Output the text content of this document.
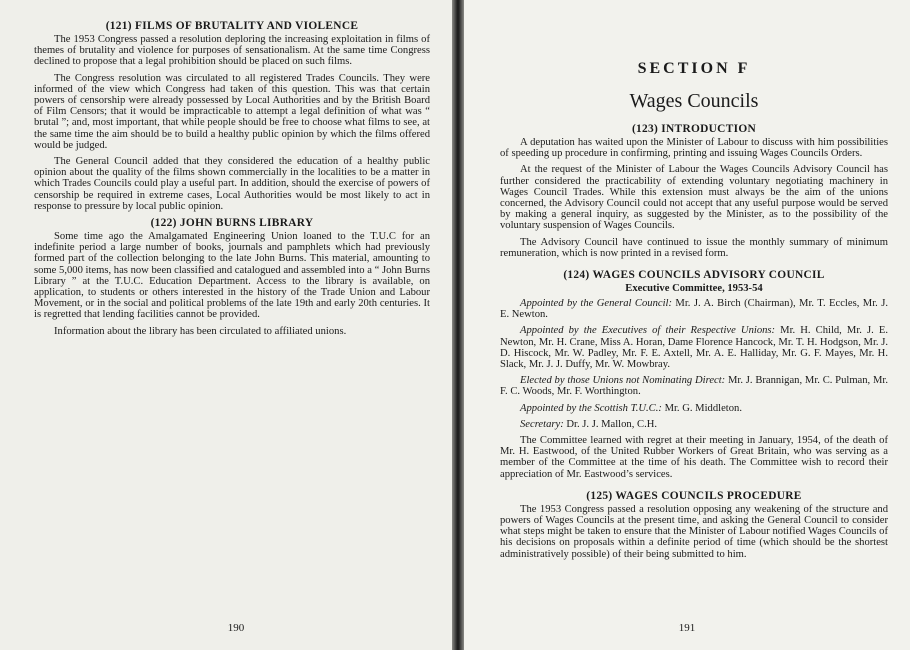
(121) FILMS OF BRUTALITY AND VIOLENCE

The 1953 Congress passed a resolution deploring the increasing exploitation in films of themes of brutality and violence for purposes of sensationalism. At the same time Congress declined to propose that a legal prohibition should be placed on such films.

The Congress resolution was circulated to all registered Trades Councils. They were informed of the view which Congress had taken of this question. This was that certain powers of censorship were already possessed by Local Authorities and by the British Board of Film Censors; that it would be impracticable to attempt a legal definition of what was “ brutal ”; and, most important, that while people should be free to choose what films to see, at the same time the aim should be to build a healthy public opinion by which the films offered would be judged.

The General Council added that they considered the education of a healthy public opinion about the quality of the films shown commercially in the localities to be a matter in which Trades Councils could play a useful part. In addition, should the exercise of powers of censorship be required in extreme cases, Local Authorities would be most likely to act in response to pressure by local public opinion.

(122) JOHN BURNS LIBRARY

Some time ago the Amalgamated Engineering Union loaned to the T.U.C for an indefinite period a large number of books, journals and pamphlets which had previously formed part of the collection belonging to the late John Burns. This material, amounting to some 5,000 items, has now been classified and catalogued and assembled into a “ John Burns Library ” at the T.U.C. Education Department. Access to the library is available, on application, to students or others interested in the history of the Trade Union and Labour Movement, or in the social and political problems of the late 19th and early 20th centuries. It is regretted that lending facilities cannot be provided.

Information about the library has been circulated to affiliated unions.

190
SECTION F
Wages Councils
(123) INTRODUCTION

A deputation has waited upon the Minister of Labour to discuss with him possibilities of speeding up procedure in confirming, printing and issuing Wages Councils Orders.

At the request of the Minister of Labour the Wages Councils Advisory Council has further considered the practicability of extending voluntary negotiating machinery in Wages Council Trades. While this extension must always be the aim of the unions concerned, the Advisory Council could not accept that any useful purpose would be served by making a general inquiry, as suggested by the Minister, as to the possibility of the voluntary suspension of Wages Councils.

The Advisory Council have continued to issue the monthly summary of minimum remuneration, which is now printed in a revised form.

(124) WAGES COUNCILS ADVISORY COUNCIL
Executive Committee, 1953-54

Appointed by the General Council: Mr. J. A. Birch (Chairman), Mr. T. Eccles, Mr. J. E. Newton.

Appointed by the Executives of their Respective Unions: Mr. H. Child, Mr. J. E. Newton, Mr. H. Crane, Miss A. Horan, Dame Florence Hancock, Mr. T. H. Hodgson, Mr. J. D. Hiscock, Mr. W. Padley, Mr. F. E. Axtell, Mr. A. E. Halliday, Mr. G. F. Mayes, Mr. H. Slack, Mr. J. J. Duffy, Mr. W. Mowbray.

Elected by those Unions not Nominating Direct: Mr. J. Brannigan, Mr. C. Pulman, Mr. F. C. Woods, Mr. F. Worthington.

Appointed by the Scottish T.U.C.: Mr. G. Middleton.

Secretary: Dr. J. J. Mallon, C.H.

The Committee learned with regret at their meeting in January, 1954, of the death of Mr. H. Eastwood, of the United Rubber Workers of Great Britain, who was serving as a member of the Committee at the time of his death. The Committee wish to record their appreciation of Mr. Eastwood’s services.

(125) WAGES COUNCILS PROCEDURE

The 1953 Congress passed a resolution opposing any weakening of the structure and powers of Wages Councils at the present time, and asking the General Council to consider what steps might be taken to ensure that the Minister of Labour notified Wages Councils of his decisions on proposals within a definite period of time (which should be the shortest administratively possible) of their being submitted to him.

191
